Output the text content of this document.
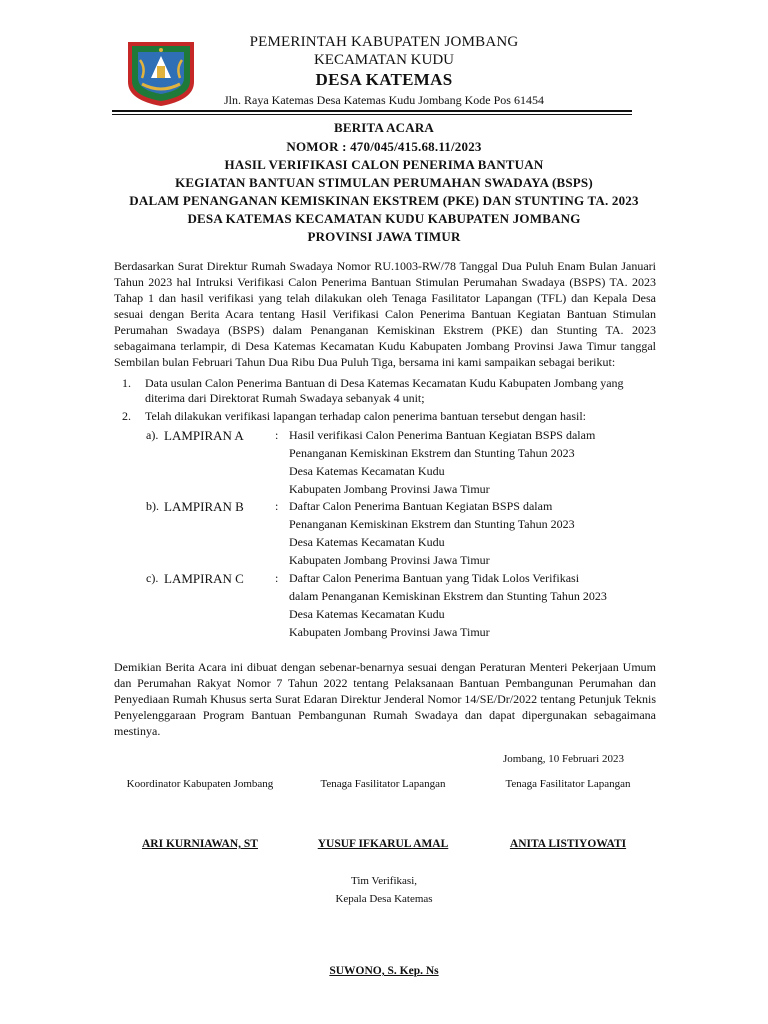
PEMERINTAH KABUPATEN JOMBANG
KECAMATAN KUDU
DESA KATEMAS
Jln. Raya Katemas Desa Katemas Kudu Jombang Kode Pos 61454
BERITA ACARA
NOMOR : 470/045/415.68.11/2023
HASIL VERIFIKASI CALON PENERIMA BANTUAN
KEGIATAN BANTUAN STIMULAN PERUMAHAN SWADAYA (BSPS)
DALAM PENANGANAN KEMISKINAN EKSTREM (PKE) DAN STUNTING TA. 2023
DESA KATEMAS KECAMATAN KUDU KABUPATEN JOMBANG
PROVINSI JAWA TIMUR
Berdasarkan Surat Direktur Rumah Swadaya Nomor RU.1003-RW/78 Tanggal Dua Puluh Enam Bulan Januari Tahun 2023 hal Intruksi Verifikasi Calon Penerima Bantuan Stimulan Perumahan Swadaya (BSPS) TA. 2023 Tahap 1 dan hasil verifikasi yang telah dilakukan oleh Tenaga Fasilitator Lapangan (TFL) dan Kepala Desa sesuai dengan Berita Acara tentang Hasil Verifikasi Calon Penerima Bantuan Kegiatan Bantuan Stimulan Perumahan Swadaya (BSPS) dalam Penanganan Kemiskinan Ekstrem (PKE) dan Stunting TA. 2023 sebagaimana terlampir, di Desa Katemas Kecamatan Kudu Kabupaten Jombang Provinsi Jawa Timur tanggal Sembilan bulan Februari Tahun Dua Ribu Dua Puluh Tiga, bersama ini kami sampaikan sebagai berikut:
1. Data usulan Calon Penerima Bantuan di Desa Katemas Kecamatan Kudu Kabupaten Jombang yang
diterima dari Direktorat Rumah Swadaya sebanyak 4 unit;
2. Telah dilakukan verifikasi lapangan terhadap calon penerima bantuan tersebut dengan hasil:
a). LAMPIRAN A	: Hasil verifikasi Calon Penerima Bantuan Kegiatan BSPS dalam
Penanganan Kemiskinan Ekstrem dan Stunting Tahun 2023
Desa Katemas Kecamatan Kudu
Kabupaten Jombang Provinsi Jawa Timur
b). LAMPIRAN B	: Daftar Calon Penerima Bantuan Kegiatan BSPS dalam
Penanganan Kemiskinan Ekstrem dan Stunting Tahun 2023
Desa Katemas Kecamatan Kudu
Kabupaten Jombang Provinsi Jawa Timur
c). LAMPIRAN C	: Daftar Calon Penerima Bantuan yang Tidak Lolos Verifikasi
dalam Penanganan Kemiskinan Ekstrem dan Stunting Tahun 2023
Desa Katemas Kecamatan Kudu
Kabupaten Jombang Provinsi Jawa Timur
Demikian Berita Acara ini dibuat dengan sebenar-benarnya sesuai dengan Peraturan Menteri Pekerjaan Umum dan Perumahan Rakyat Nomor 7 Tahun 2022 tentang Pelaksanaan Bantuan Pembangunan Perumahan dan Penyediaan Rumah Khusus serta Surat Edaran Direktur Jenderal Nomor 14/SE/Dr/2022 tentang Petunjuk Teknis Penyelenggaraan Program Bantuan Pembangunan Rumah Swadaya dan dapat dipergunakan sebagaimana mestinya.
Jombang, 10 Februari 2023
Koordinator Kabupaten Jombang	Tenaga Fasilitator Lapangan	Tenaga Fasilitator Lapangan
ARI KURNIAWAN, ST	YUSUF IFKARUL AMAL	ANITA LISTIYOWATI
Tim Verifikasi,
Kepala Desa Katemas
SUWONO, S. Kep. Ns
